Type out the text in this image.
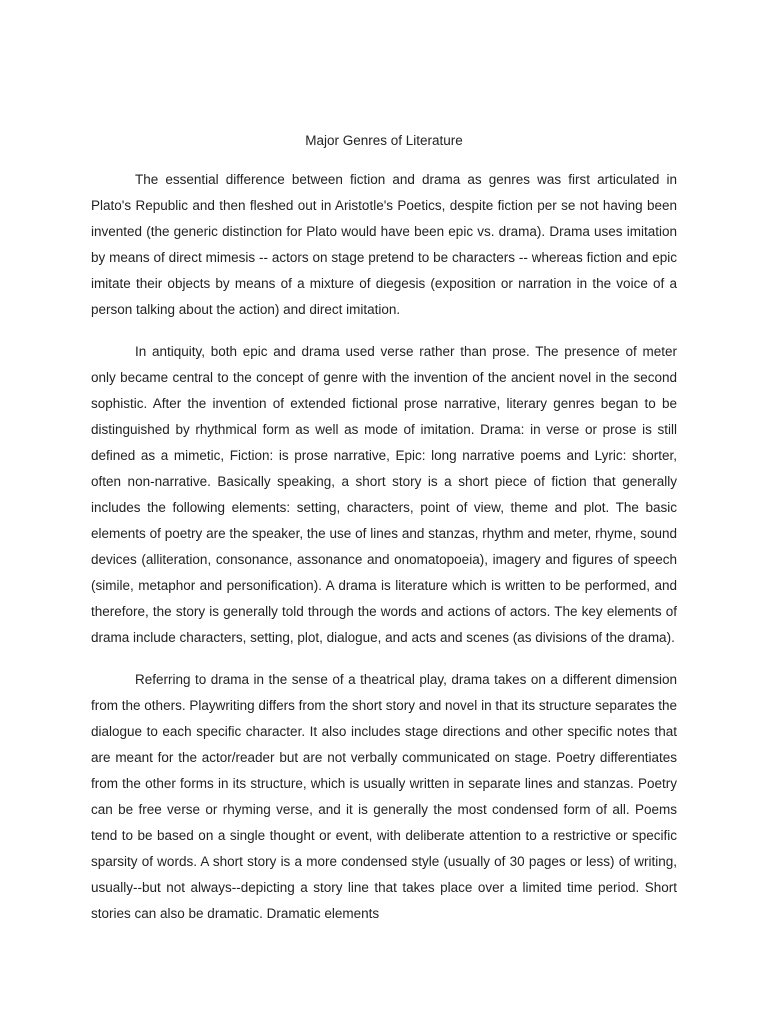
Major Genres of Literature

The essential difference between fiction and drama as genres was first articulated in Plato's Republic and then fleshed out in Aristotle's Poetics, despite fiction per se not having been invented (the generic distinction for Plato would have been epic vs. drama). Drama uses imitation by means of direct mimesis -- actors on stage pretend to be characters -- whereas fiction and epic imitate their objects by means of a mixture of diegesis (exposition or narration in the voice of a person talking about the action) and direct imitation.

In antiquity, both epic and drama used verse rather than prose. The presence of meter only became central to the concept of genre with the invention of the ancient novel in the second sophistic. After the invention of extended fictional prose narrative, literary genres began to be distinguished by rhythmical form as well as mode of imitation. Drama: in verse or prose is still defined as a mimetic, Fiction: is prose narrative, Epic: long narrative poems and Lyric: shorter, often non-narrative. Basically speaking, a short story is a short piece of fiction that generally includes the following elements: setting, characters, point of view, theme and plot. The basic elements of poetry are the speaker, the use of lines and stanzas, rhythm and meter, rhyme, sound devices (alliteration, consonance, assonance and onomatopoeia), imagery and figures of speech (simile, metaphor and personification). A drama is literature which is written to be performed, and therefore, the story is generally told through the words and actions of actors. The key elements of drama include characters, setting, plot, dialogue, and acts and scenes (as divisions of the drama).

Referring to drama in the sense of a theatrical play, drama takes on a different dimension from the others. Playwriting differs from the short story and novel in that its structure separates the dialogue to each specific character. It also includes stage directions and other specific notes that are meant for the actor/reader but are not verbally communicated on stage. Poetry differentiates from the other forms in its structure, which is usually written in separate lines and stanzas. Poetry can be free verse or rhyming verse, and it is generally the most condensed form of all. Poems tend to be based on a single thought or event, with deliberate attention to a restrictive or specific sparsity of words. A short story is a more condensed style (usually of 30 pages or less) of writing, usually--but not always--depicting a story line that takes place over a limited time period. Short stories can also be dramatic. Dramatic elements
